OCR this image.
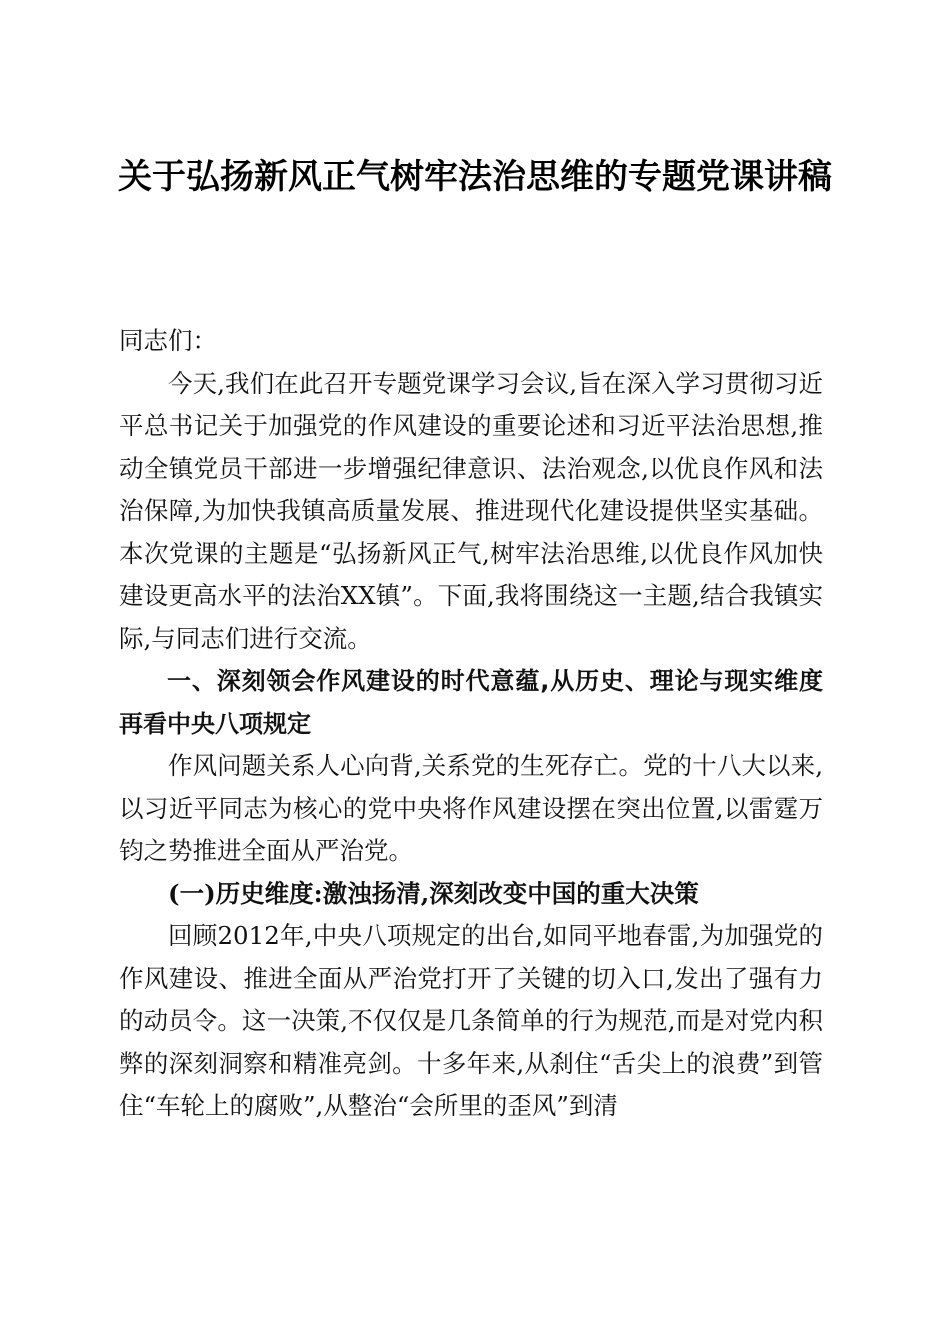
关于弘扬新风正气树牢法治思维的专题党课讲稿

同志们：

今天,我们在此召开专题党课学习会议,旨在深入学习贯彻习近平总书记关于加强党的作风建设的重要论述和习近平法治思想,推动全镇党员干部进一步增强纪律意识、法治观念,以优良作风和法治保障,为加快我镇高质量发展、推进现代化建设提供坚实基础。本次党课的主题是“弘扬新风正气,树牢法治思维,以优良作风加快建设更高水平的法治XX镇”。下面,我将围绕这一主题,结合我镇实际,与同志们进行交流。

一、深刻领会作风建设的时代意蕴,从历史、理论与现实维度再看中央八项规定

作风问题关系人心向背,关系党的生死存亡。党的十八大以来,以习近平同志为核心的党中央将作风建设摆在突出位置,以雷霆万钧之势推进全面从严治党。

(一)历史维度:激浊扬清,深刻改变中国的重大决策

回顾2012年,中央八项规定的出台,如同平地春雷,为加强党的作风建设、推进全面从严治党打开了关键的切入口,发出了强有力的动员令。这一决策,不仅仅是几条简单的行为规范,而是对党内积弊的深刻洞察和精准亮剑。十多年来,从刹住“舌尖上的浪费”到管住“车轮上的腐败”,从整治“会所里的歪风”到清
